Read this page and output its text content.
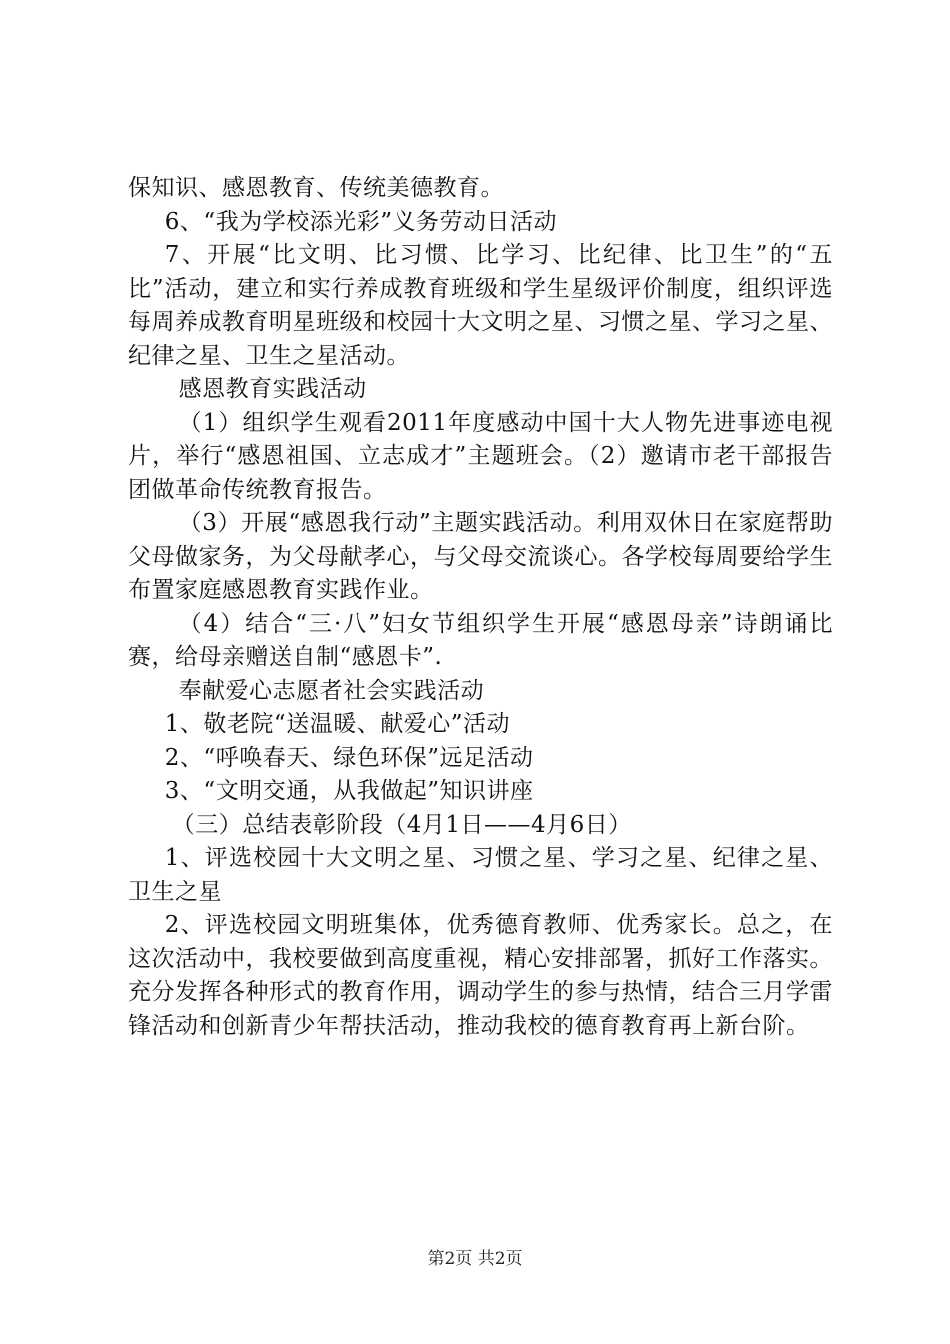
保知识、感恩教育、传统美德教育。

6、“我为学校添光彩”义务劳动日活动

7、开展“比文明、比习惯、比学习、比纪律、比卫生”的“五比”活动，建立和实行养成教育班级和学生星级评价制度，组织评选每周养成教育明星班级和校园十大文明之星、习惯之星、学习之星、纪律之星、卫生之星活动。

感恩教育实践活动

（1）组织学生观看2011年度感动中国十大人物先进事迹电视片，举行“感恩祖国、立志成才”主题班会。（2）邀请市老干部报告团做革命传统教育报告。

（3）开展“感恩我行动”主题实践活动。利用双休日在家庭帮助父母做家务，为父母献孝心，与父母交流谈心。各学校每周要给学生布置家庭感恩教育实践作业。

（4）结合“三·八”妇女节组织学生开展“感恩母亲”诗朗诵比赛，给母亲赠送自制“感恩卡”.

奉献爱心志愿者社会实践活动

1、敬老院“送温暖、献爱心”活动

2、“呼唤春天、绿色环保”远足活动

3、“文明交通，从我做起”知识讲座

（三）总结表彰阶段（4月1日——4月6日）

1、评选校园十大文明之星、习惯之星、学习之星、纪律之星、卫生之星

2、评选校园文明班集体，优秀德育教师、优秀家长。总之，在这次活动中，我校要做到高度重视，精心安排部署，抓好工作落实。充分发挥各种形式的教育作用，调动学生的参与热情，结合三月学雷锋活动和创新青少年帮扶活动，推动我校的德育教育再上新台阶。

第2页 共2页
